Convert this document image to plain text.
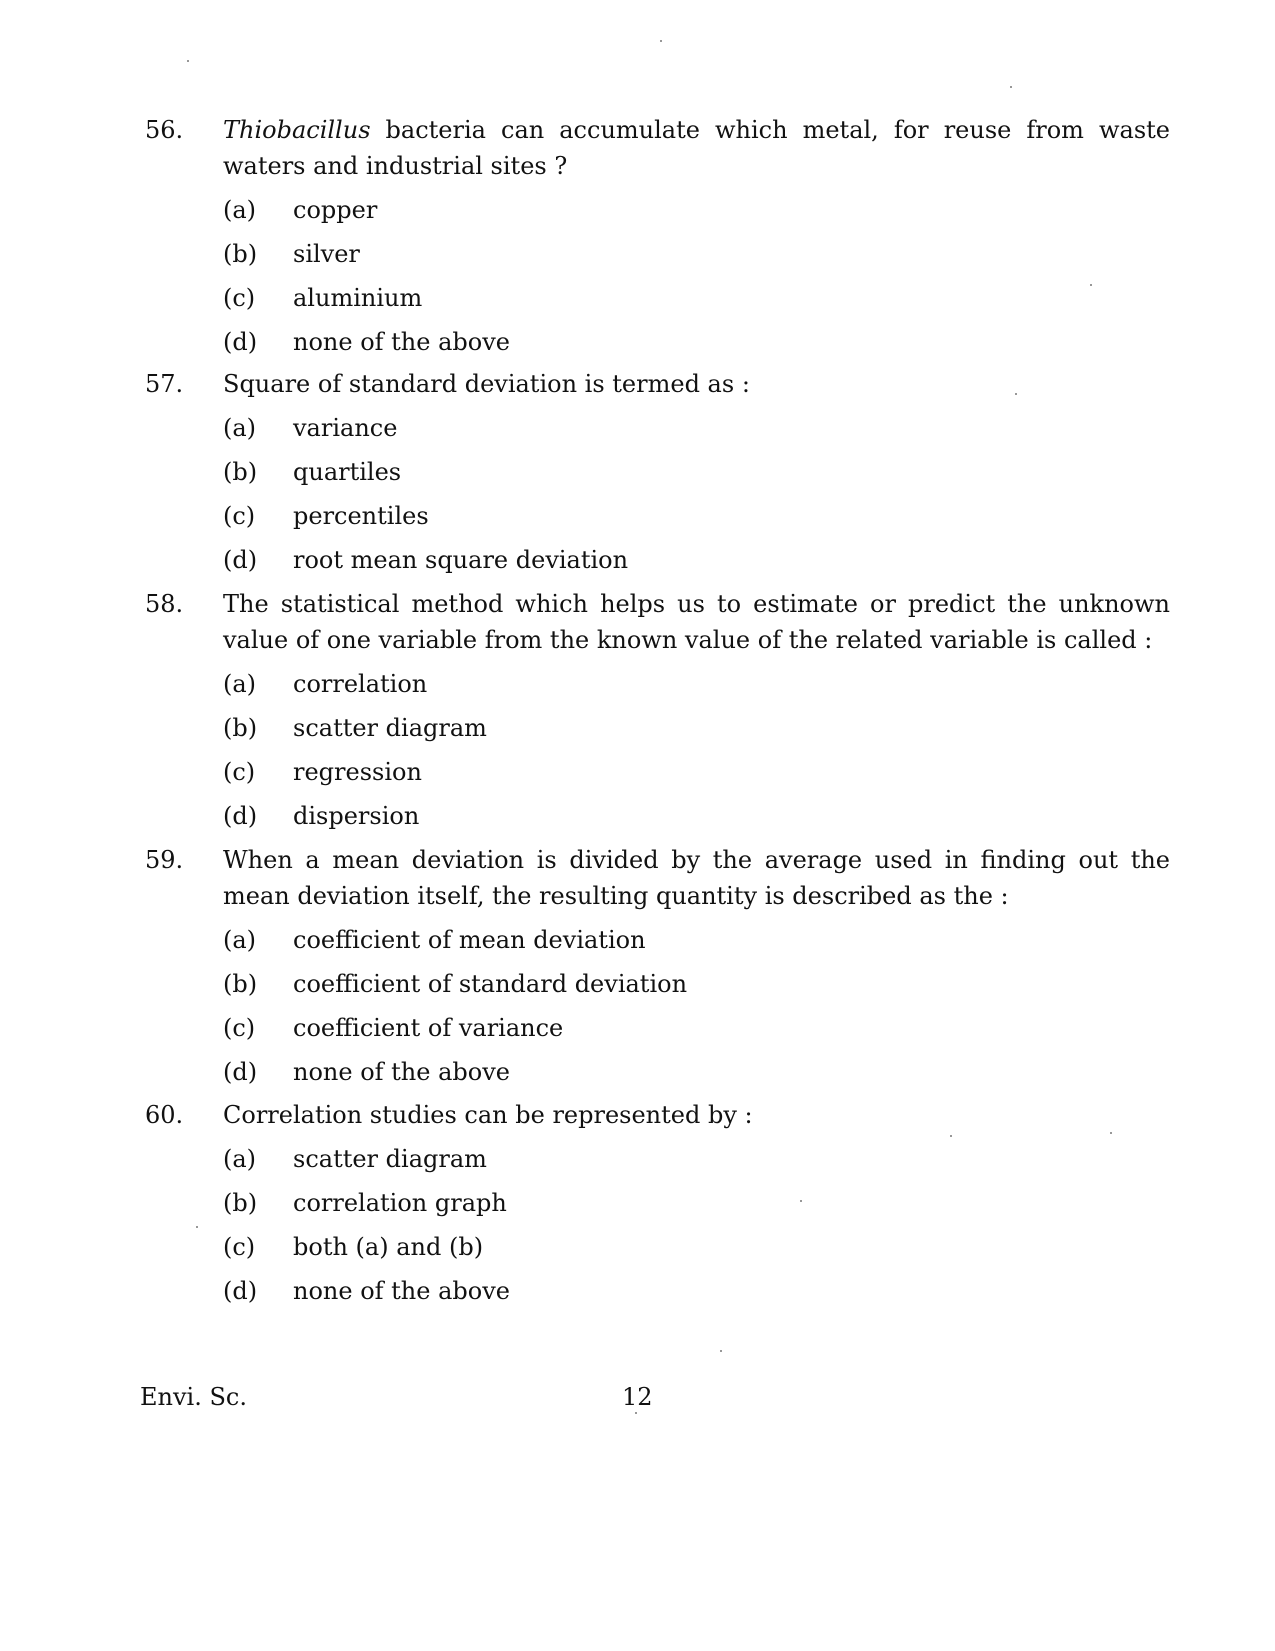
56.	Thiobacillus bacteria can accumulate which metal, for reuse from waste waters and industrial sites ?
(a)	copper
(b)	silver
(c)	aluminium
(d)	none of the above
57.	Square of standard deviation is termed as :
(a)	variance
(b)	quartiles
(c)	percentiles
(d)	root mean square deviation
58.	The statistical method which helps us to estimate or predict the unknown value of one variable from the known value of the related variable is called :
(a)	correlation
(b)	scatter diagram
(c)	regression
(d)	dispersion
59.	When a mean deviation is divided by the average used in finding out the mean deviation itself, the resulting quantity is described as the :
(a)	coefficient of mean deviation
(b)	coefficient of standard deviation
(c)	coefficient of variance
(d)	none of the above
60.	Correlation studies can be represented by :
(a)	scatter diagram
(b)	correlation graph
(c)	both (a) and (b)
(d)	none of the above
Envi. Sc.	12
